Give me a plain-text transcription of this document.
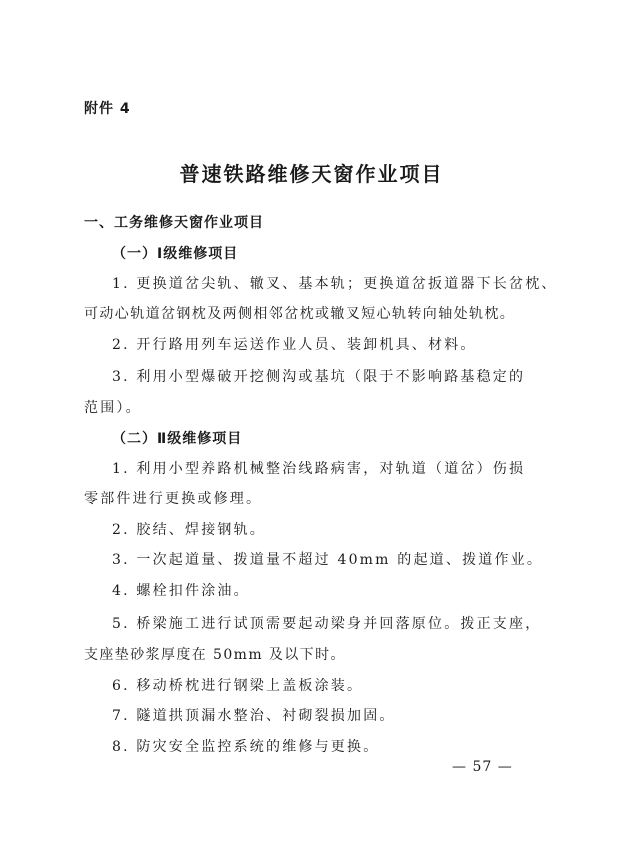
附件 4
普速铁路维修天窗作业项目
一、工务维修天窗作业项目
（一）Ⅰ级维修项目
1. 更换道岔尖轨、辙叉、基本轨；更换道岔扳道器下长岔枕、
可动心轨道岔钢枕及两侧相邻岔枕或辙叉短心轨转向轴处轨枕。
2. 开行路用列车运送作业人员、装卸机具、材料。
3. 利用小型爆破开挖侧沟或基坑（限于不影响路基稳定的
范围）。
（二）Ⅱ级维修项目
1. 利用小型养路机械整治线路病害，对轨道（道岔）伤损
零部件进行更换或修理。
2. 胶结、焊接钢轨。
3. 一次起道量、拨道量不超过 40mm 的起道、拨道作业。
4. 螺栓扣件涂油。
5. 桥梁施工进行试顶需要起动梁身并回落原位。拨正支座，
支座垫砂浆厚度在 50mm 及以下时。
6. 移动桥枕进行钢梁上盖板涂装。
7. 隧道拱顶漏水整治、衬砌裂损加固。
8. 防灾安全监控系统的维修与更换。
— 57 —
